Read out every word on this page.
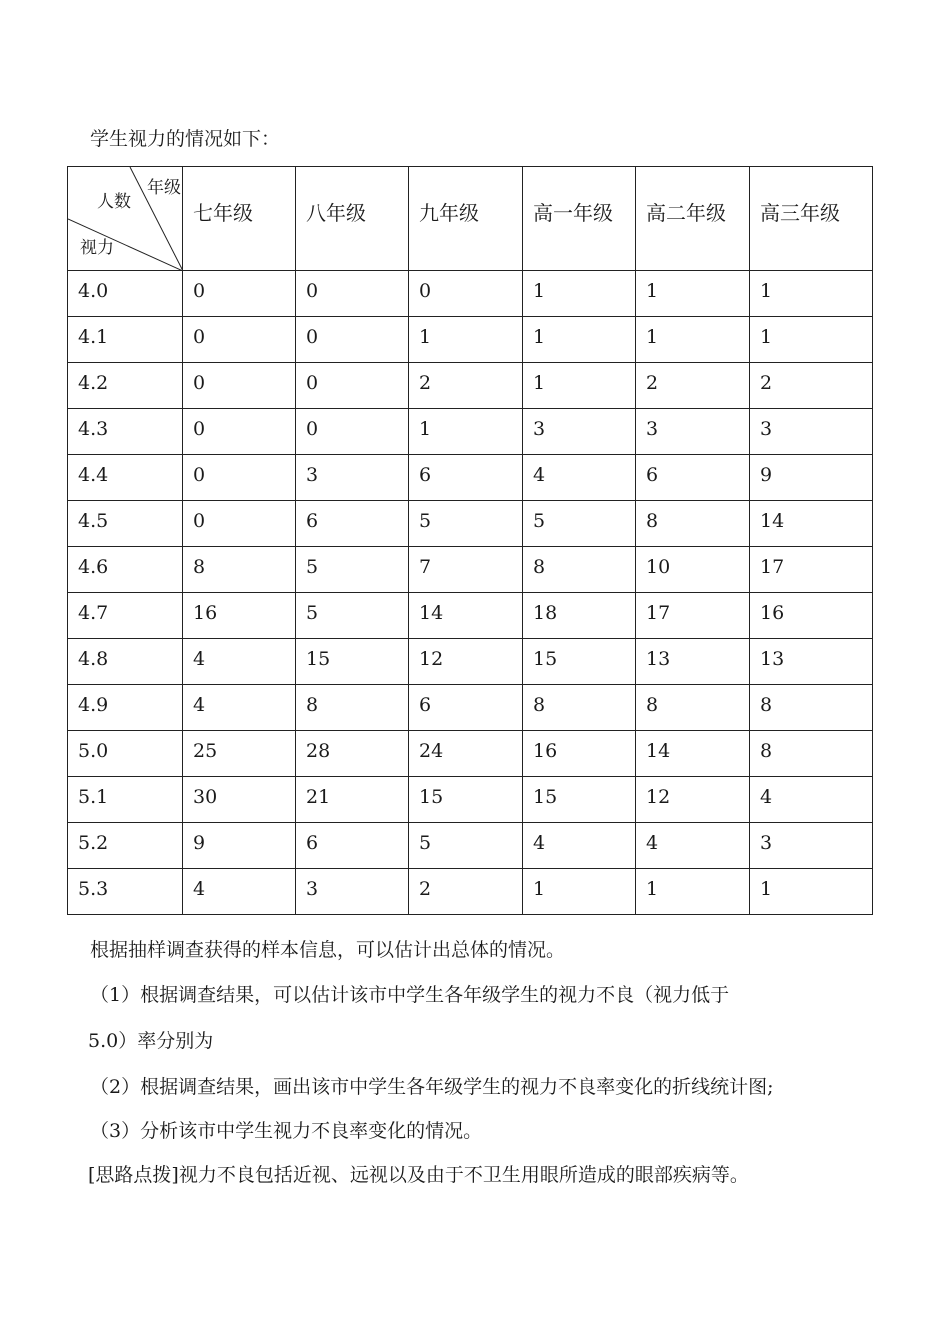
学生视力的情况如下：
年级
人数
视力	七年级	八年级	九年级	高一年级	高二年级	高三年级
4.0	0	0	0	1	1	1
4.1	0	0	1	1	1	1
4.2	0	0	2	1	2	2
4.3	0	0	1	3	3	3
4.4	0	3	6	4	6	9
4.5	0	6	5	5	8	14
4.6	8	5	7	8	10	17
4.7	16	5	14	18	17	16
4.8	4	15	12	15	13	13
4.9	4	8	6	8	8	8
5.0	25	28	24	16	14	8
5.1	30	21	15	15	12	4
5.2	9	6	5	4	4	3
5.3	4	3	2	1	1	1
根据抽样调查获得的样本信息，可以估计出总体的情况。
（1）根据调查结果，可以估计该市中学生各年级学生的视力不良（视力低于
5.0）率分别为
（2）根据调查结果，画出该市中学生各年级学生的视力不良率变化的折线统计图;
（3）分析该市中学生视力不良率变化的情况。
[思路点拨]视力不良包括近视、远视以及由于不卫生用眼所造成的眼部疾病等。
